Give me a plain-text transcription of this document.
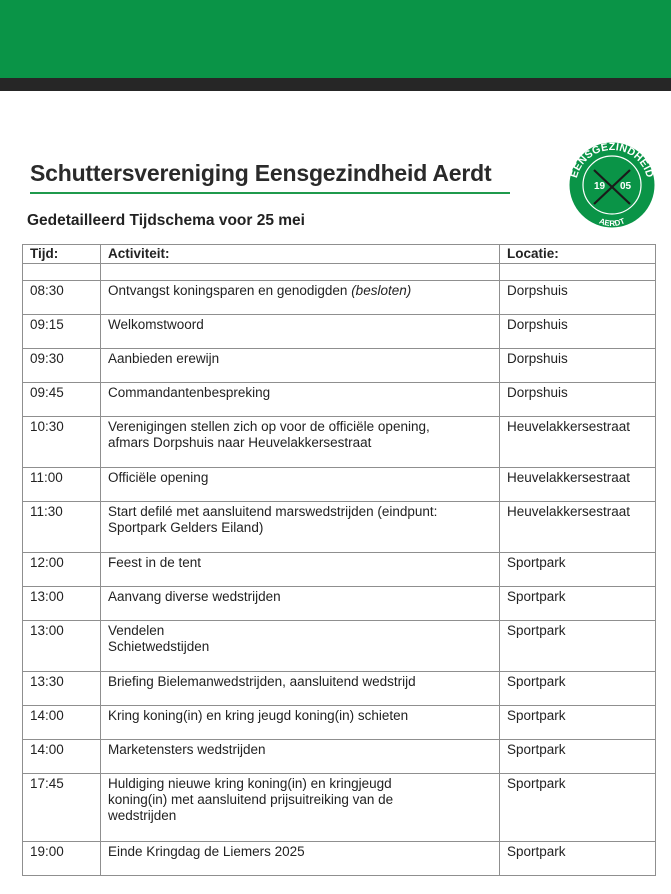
Schuttersvereniging Eensgezindheid Aerdt
Gedetailleerd Tijdschema voor 25 mei
EENSGEZINDHEID
AERDT
19 05
Tijd:	Activiteit:	Locatie:

08:30	Ontvangst koningsparen en genodigden (besloten)	Dorpshuis
09:15	Welkomstwoord	Dorpshuis
09:30	Aanbieden erewijn	Dorpshuis
09:45	Commandantenbespreking	Dorpshuis
10:30	Verenigingen stellen zich op voor de officiële opening,
afmars Dorpshuis naar Heuvelakkersestraat	Heuvelakkersestraat
11:00	Officiële opening	Heuvelakkersestraat
11:30	Start defilé met aansluitend marswedstrijden (eindpunt:
Sportpark Gelders Eiland)	Heuvelakkersestraat
12:00	Feest in de tent	Sportpark
13:00	Aanvang diverse wedstrijden	Sportpark
13:00	Vendelen
Schietwedstijden	Sportpark
13:30	Briefing Bielemanwedstrijden, aansluitend wedstrijd	Sportpark
14:00	Kring koning(in) en kring jeugd koning(in) schieten	Sportpark
14:00	Marketensters wedstrijden	Sportpark
17:45	Huldiging nieuwe kring koning(in) en kringjeugd
koning(in) met aansluitend prijsuitreiking van de
wedstrijden	Sportpark
19:00	Einde Kringdag de Liemers 2025	Sportpark
